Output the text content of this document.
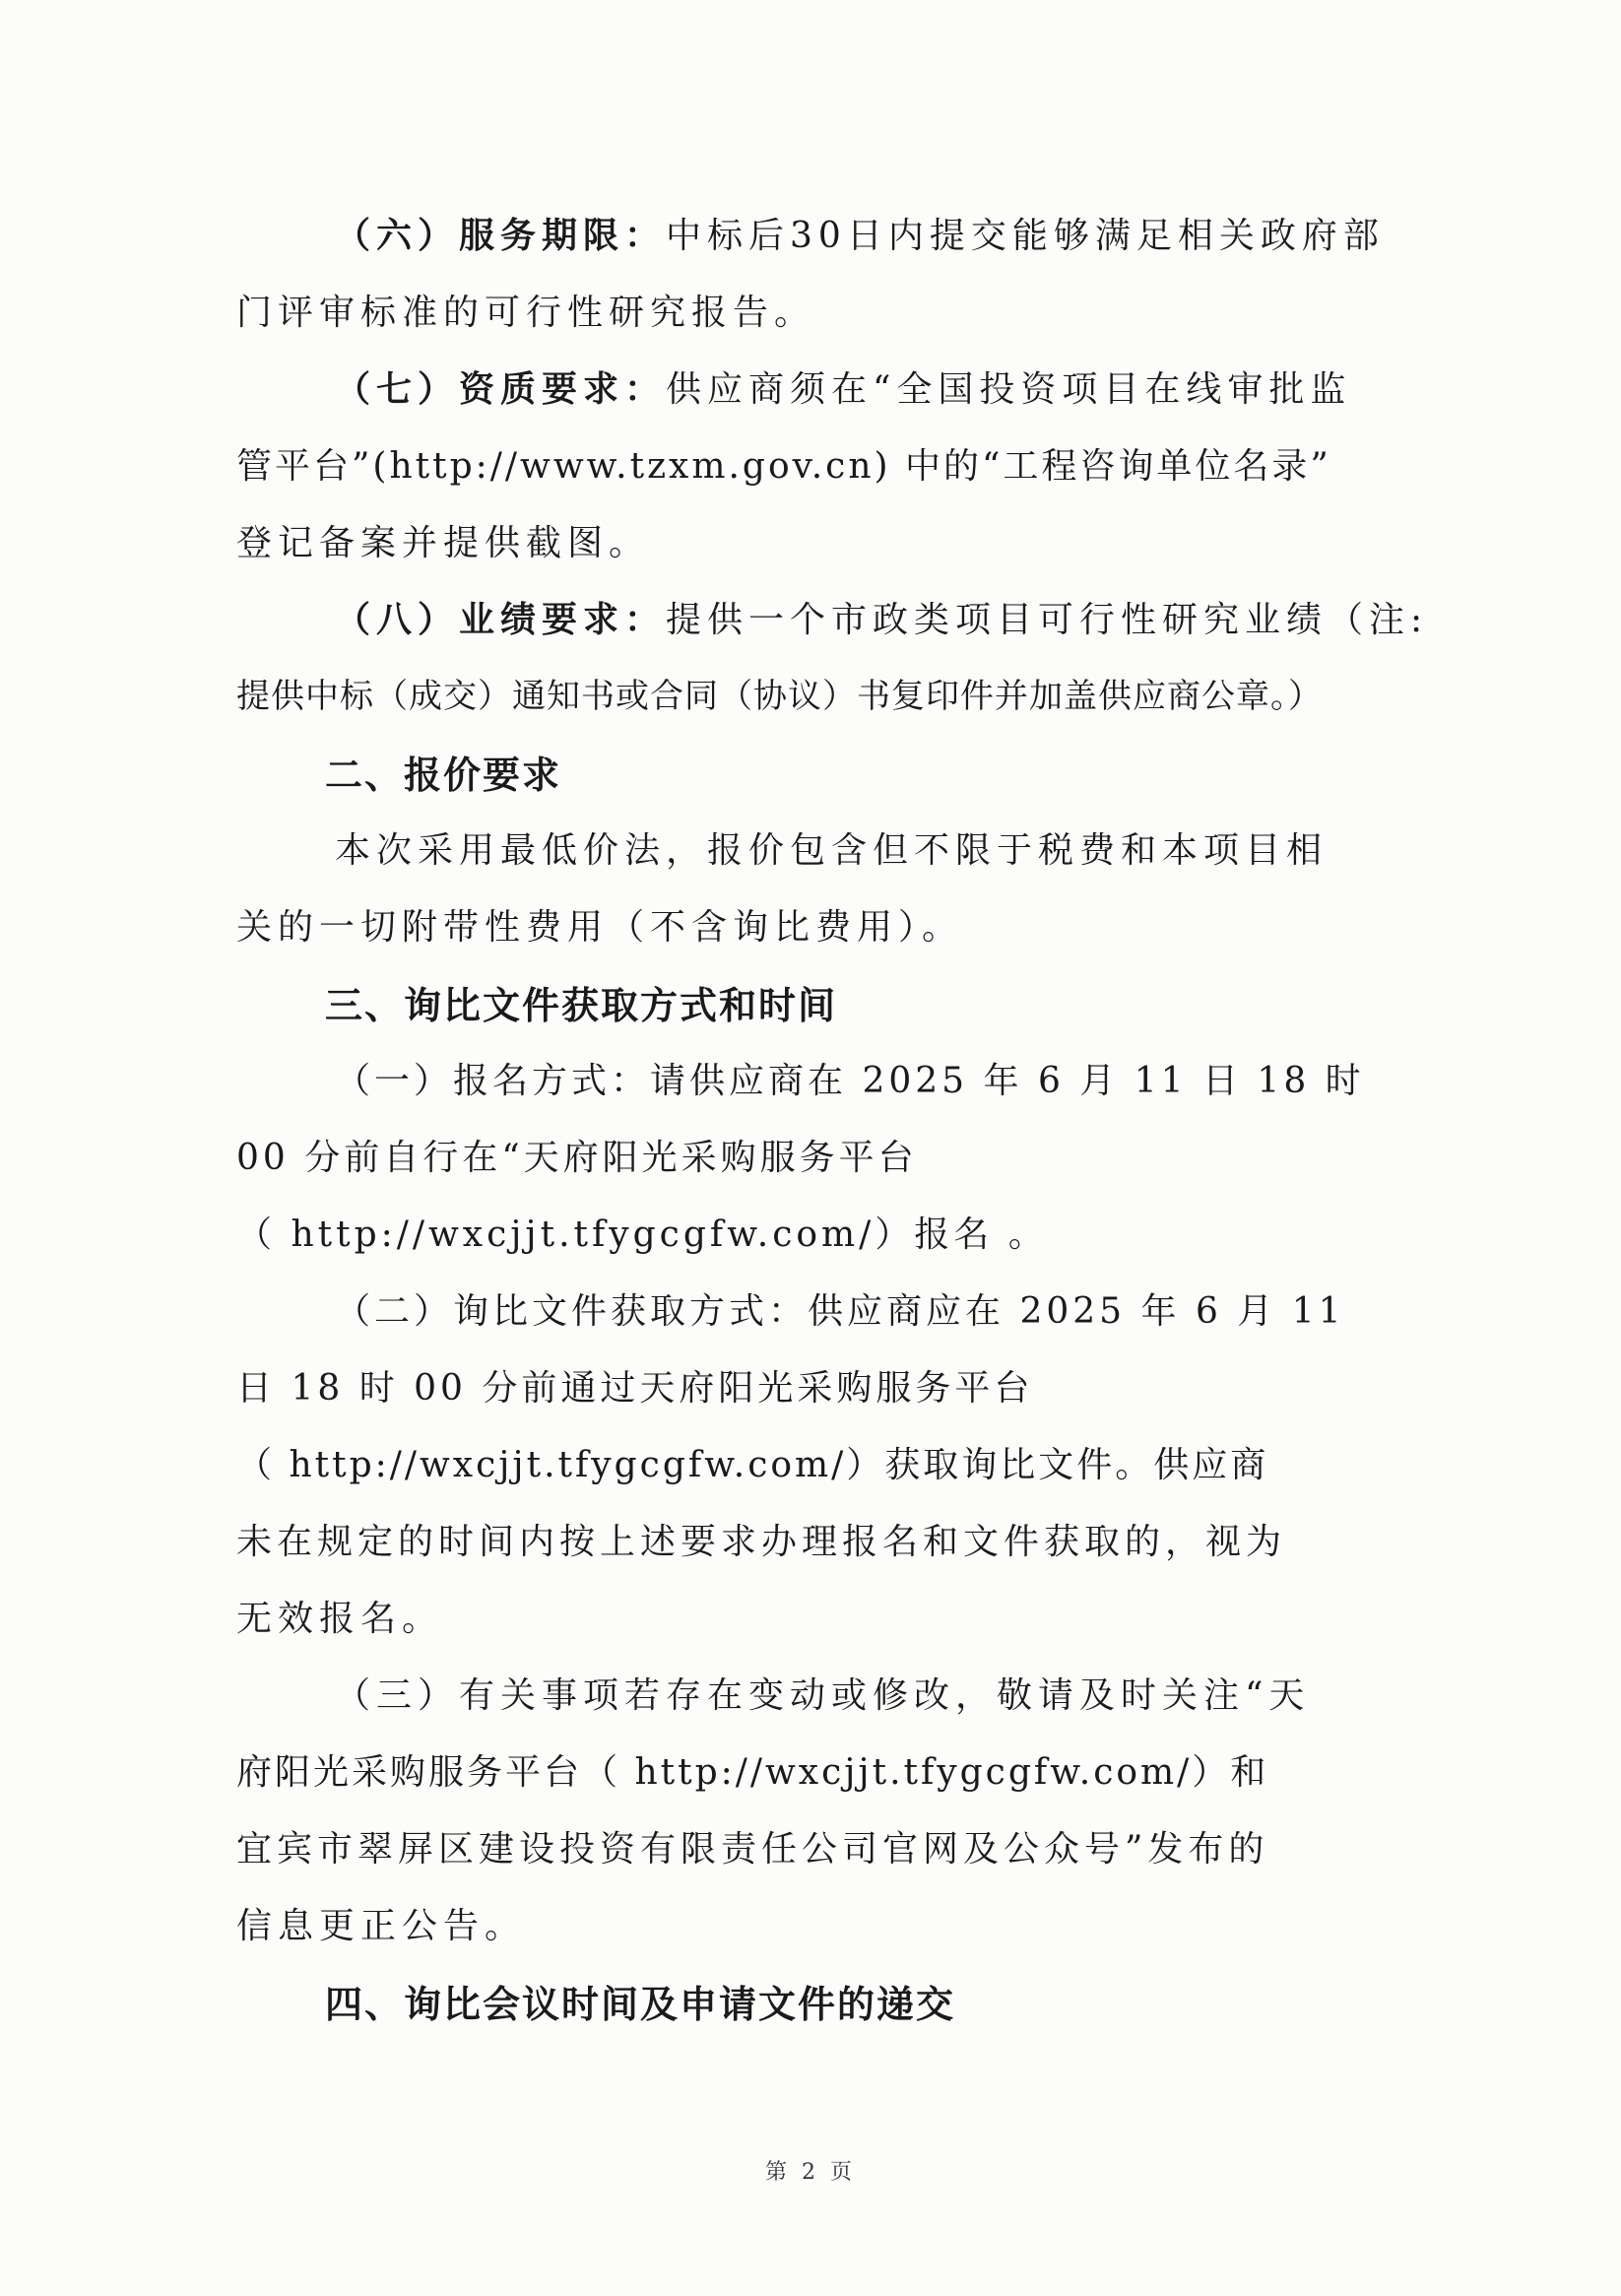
（六）服务期限：中标后30日内提交能够满足相关政府部
门评审标准的可行性研究报告。
（七）资质要求：供应商须在“全国投资项目在线审批监
管平台”(http://www.tzxm.gov.cn) 中的“工程咨询单位名录”
登记备案并提供截图。
（八）业绩要求：提供一个市政类项目可行性研究业绩（注:
提供中标（成交）通知书或合同（协议）书复印件并加盖供应商公章。）
二、报价要求
本次采用最低价法，报价包含但不限于税费和本项目相
关的一切附带性费用（不含询比费用）。
三、询比文件获取方式和时间
（一）报名方式：请供应商在 2025 年 6 月 11 日 18 时
00 分前自行在“天府阳光采购服务平台
（ http://wxcjjt.tfygcgfw.com/）报名 。
（二）询比文件获取方式：供应商应在 2025 年 6 月 11
日 18 时 00 分前通过天府阳光采购服务平台
（ http://wxcjjt.tfygcgfw.com/）获取询比文件。供应商
未在规定的时间内按上述要求办理报名和文件获取的，视为
无效报名。
（三）有关事项若存在变动或修改，敬请及时关注“天
府阳光采购服务平台（ http://wxcjjt.tfygcgfw.com/）和
宜宾市翠屏区建设投资有限责任公司官网及公众号”发布的
信息更正公告。
四、询比会议时间及申请文件的递交
第 2 页
